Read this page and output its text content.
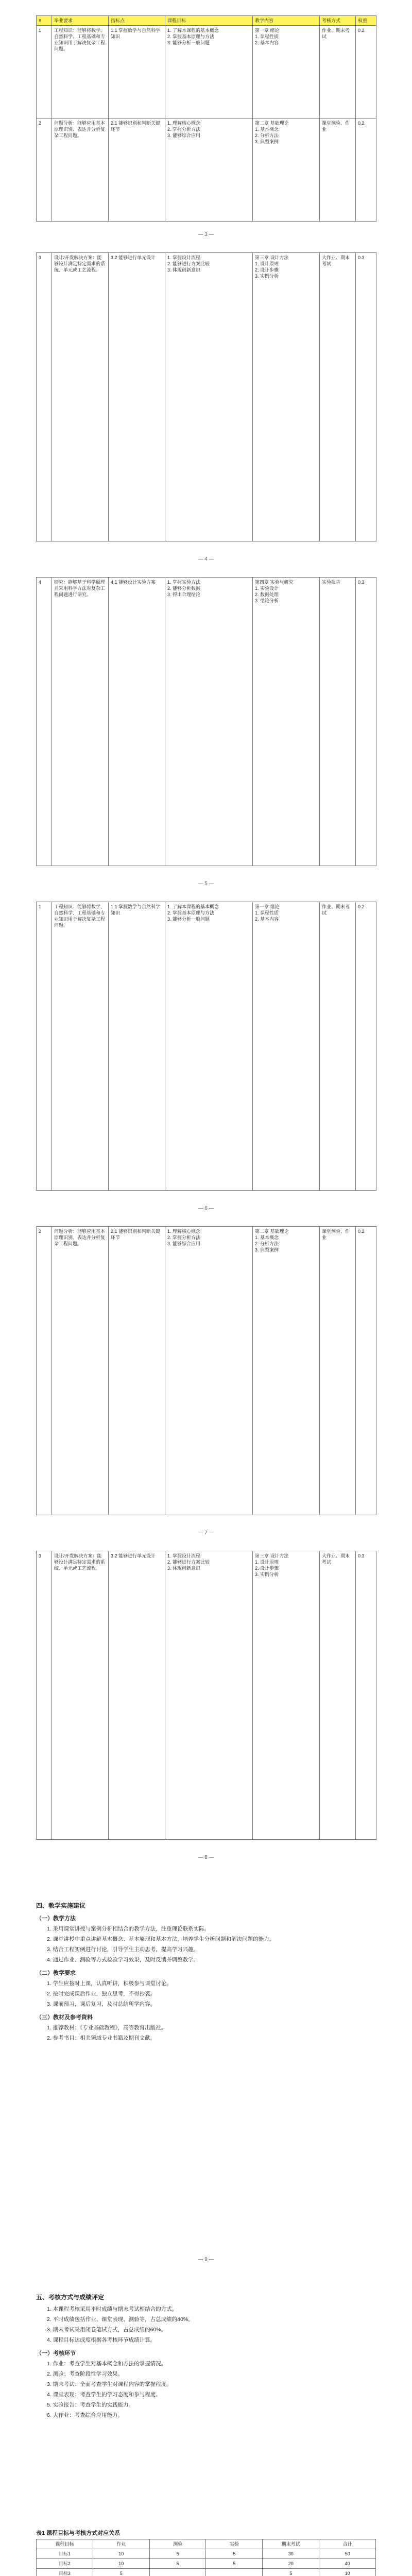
#	毕业要求	指标点	课程目标	教学内容	考核方式	权重
1	工程知识：能够将数学、自然科学、工程基础和专业知识用于解决复杂工程问题。	1.1 掌握数学与自然科学知识	1. 了解本课程的基本概念
2. 掌握基本原理与方法
3. 能够分析一般问题	第一章 绪论
1. 课程性质
2. 基本内容	作业、期末考试	0.2
2	问题分析：能够应用基本原理识别、表达并分析复杂工程问题。	2.1 能够识别和判断关键环节	1. 理解核心概念
2. 掌握分析方法
3. 能够综合应用	第二章 基础理论
1. 基本概念
2. 分析方法
3. 典型案例	课堂测验、作业	0.2
— 3 —
3	设计/开发解决方案：能够设计满足特定需求的系统、单元或工艺流程。	3.2 能够进行单元设计	1. 掌握设计流程
2. 能够进行方案比较
3. 体现创新意识	第三章 设计方法
1. 设计原则
2. 设计步骤
3. 实例分析	大作业、期末考试	0.3
— 4 —
4	研究：能够基于科学原理并采用科学方法对复杂工程问题进行研究。	4.1 能够设计实验方案	1. 掌握实验方法
2. 能够分析数据
3. 得出合理结论	第四章 实验与研究
1. 实验设计
2. 数据处理
3. 结论分析	实验报告	0.3
— 5 —
1	工程知识：能够将数学、自然科学、工程基础和专业知识用于解决复杂工程问题。	1.1 掌握数学与自然科学知识	1. 了解本课程的基本概念
2. 掌握基本原理与方法
3. 能够分析一般问题	第一章 绪论
1. 课程性质
2. 基本内容	作业、期末考试	0.2
— 6 —
2	问题分析：能够应用基本原理识别、表达并分析复杂工程问题。	2.1 能够识别和判断关键环节	1. 理解核心概念
2. 掌握分析方法
3. 能够综合应用	第二章 基础理论
1. 基本概念
2. 分析方法
3. 典型案例	课堂测验、作业	0.2
— 7 —
3	设计/开发解决方案：能够设计满足特定需求的系统、单元或工艺流程。	3.2 能够进行单元设计	1. 掌握设计流程
2. 能够进行方案比较
3. 体现创新意识	第三章 设计方法
1. 设计原则
2. 设计步骤
3. 实例分析	大作业、期末考试	0.3
— 8 —
四、教学实施建议
（一）教学方法

1. 采用课堂讲授与案例分析相结合的教学方法，注重理论联系实际。

2. 课堂讲授中重点讲解基本概念、基本原理和基本方法，培养学生分析问题和解决问题的能力。

3. 结合工程实例进行讨论，引导学生主动思考，提高学习兴趣。

4. 通过作业、测验等方式检验学习效果，及时反馈并调整教学。

（二）教学要求

1. 学生应按时上课，认真听讲，积极参与课堂讨论。

2. 按时完成课后作业，独立思考，不得抄袭。

3. 课前预习，课后复习，及时总结所学内容。

（三）教材及参考资料

1. 推荐教材：《专业基础教程》，高等教育出版社。

2. 参考书目：相关领域专业书籍及期刊文献。

— 9 —
五、考核方式与成绩评定

1. 本课程考核采用平时成绩与期末考试相结合的方式。

2. 平时成绩包括作业、课堂表现、测验等，占总成绩的40%。

3. 期末考试采用闭卷笔试方式，占总成绩的60%。

4. 课程目标达成度根据各考核环节成绩计算。

（一）考核环节

1. 作业：考查学生对基本概念和方法的掌握情况。

2. 测验：考查阶段性学习效果。

3. 期末考试：全面考查学生对课程内容的掌握程度。

4. 课堂表现：考查学生的学习态度和参与程度。

5. 实验报告：考查学生的实践能力。

6. 大作业：考查综合应用能力。

表1 课程目标与考核方式对应关系
课程目标	作业	测验	实验	期末考试	合计
目标1	10	5	5	30	50
目标2	10	5	5	20	40
目标3	5			5	10
